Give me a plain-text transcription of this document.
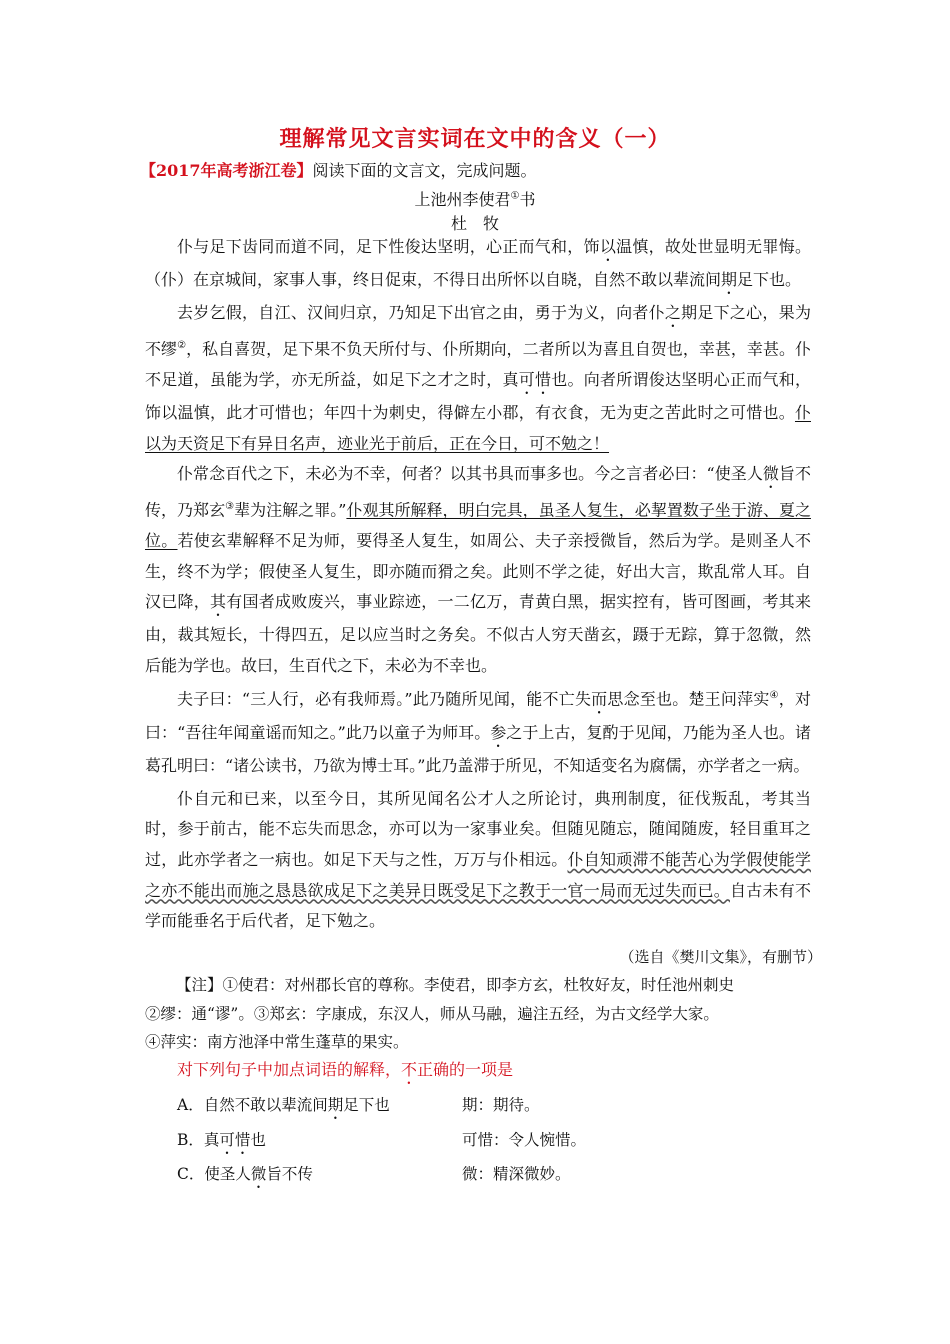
理解常见文言实词在文中的含义（一）
【2017年高考浙江卷】阅读下面的文言文，完成问题。
上池州李使君①书
杜　牧

仆与足下齿同而道不同，足下性俊达坚明，心正而气和，饰以温慎，故处世显明无罪悔。（仆）在京城间，家事人事，终日促束，不得日出所怀以自晓，自然不敢以辈流间期足下也。

去岁乞假，自江、汉间归京，乃知足下出官之由，勇于为义，向者仆之期足下之心，果为不缪②，私自喜贺，足下果不负天所付与、仆所期向，二者所以为喜且自贺也，幸甚，幸甚。仆不足道，虽能为学，亦无所益，如足下之才之时，真可惜也。向者所谓俊达坚明心正而气和，饰以温慎，此才可惜也；年四十为刺史，得僻左小郡，有衣食，无为吏之苦此时之可惜也。仆以为天资足下有异日名声，迹业光于前后，正在今日，可不勉之！

仆常念百代之下，未必为不幸，何者？以其书具而事多也。今之言者必曰：“使圣人微旨不传，乃郑玄③辈为注解之罪。”仆观其所解释，明白完具，虽圣人复生，必挈置数子坐于游、夏之位。若使玄辈解释不足为师，要得圣人复生，如周公、夫子亲授微旨，然后为学。是则圣人不生，终不为学；假使圣人复生，即亦随而猾之矣。此则不学之徒，好出大言，欺乱常人耳。自汉已降，其有国者成败废兴，事业踪迹，一二亿万，青黄白黑，据实控有，皆可图画，考其来由，裁其短长，十得四五，足以应当时之务矣。不似古人穷天凿玄，蹑于无踪，算于忽微，然后能为学也。故曰，生百代之下，未必为不幸也。

夫子曰：“三人行，必有我师焉。”此乃随所见闻，能不亡失而思念至也。楚王问萍实④，对曰：“吾往年闻童谣而知之。”此乃以童子为师耳。参之于上古，复酌于见闻，乃能为圣人也。诸葛孔明曰：“诸公读书，乃欲为博士耳。”此乃盖滞于所见，不知适变名为腐儒，亦学者之一病。

仆自元和已来，以至今日，其所见闻名公才人之所论讨，典刑制度，征伐叛乱，考其当时，参于前古，能不忘失而思念，亦可以为一家事业矣。但随见随忘，随闻随废，轻目重耳之过，此亦学者之一病也。如足下天与之性，万万与仆相远。仆自知顽滞不能苦心为学假使能学之亦不能出而施之恳恳欲成足下之美异日既受足下之教于一官一局而无过失而已。自古未有不学而能垂名于后代者，足下勉之。

（选自《樊川文集》，有删节）
【注】①使君：对州郡长官的尊称。李使君，即李方玄，杜牧好友，时任池州刺史
②缪：通“谬”。③郑玄：字康成，东汉人，师从马融，遍注五经，为古文经学大家。
④萍实：南方池泽中常生蓬草的果实。
对下列句子中加点词语的解释，不正确的一项是
A．自然不敢以辈流间期足下也	期：期待。
B．真可惜也	可惜：令人惋惜。
C．使圣人微旨不传	微：精深微妙。
